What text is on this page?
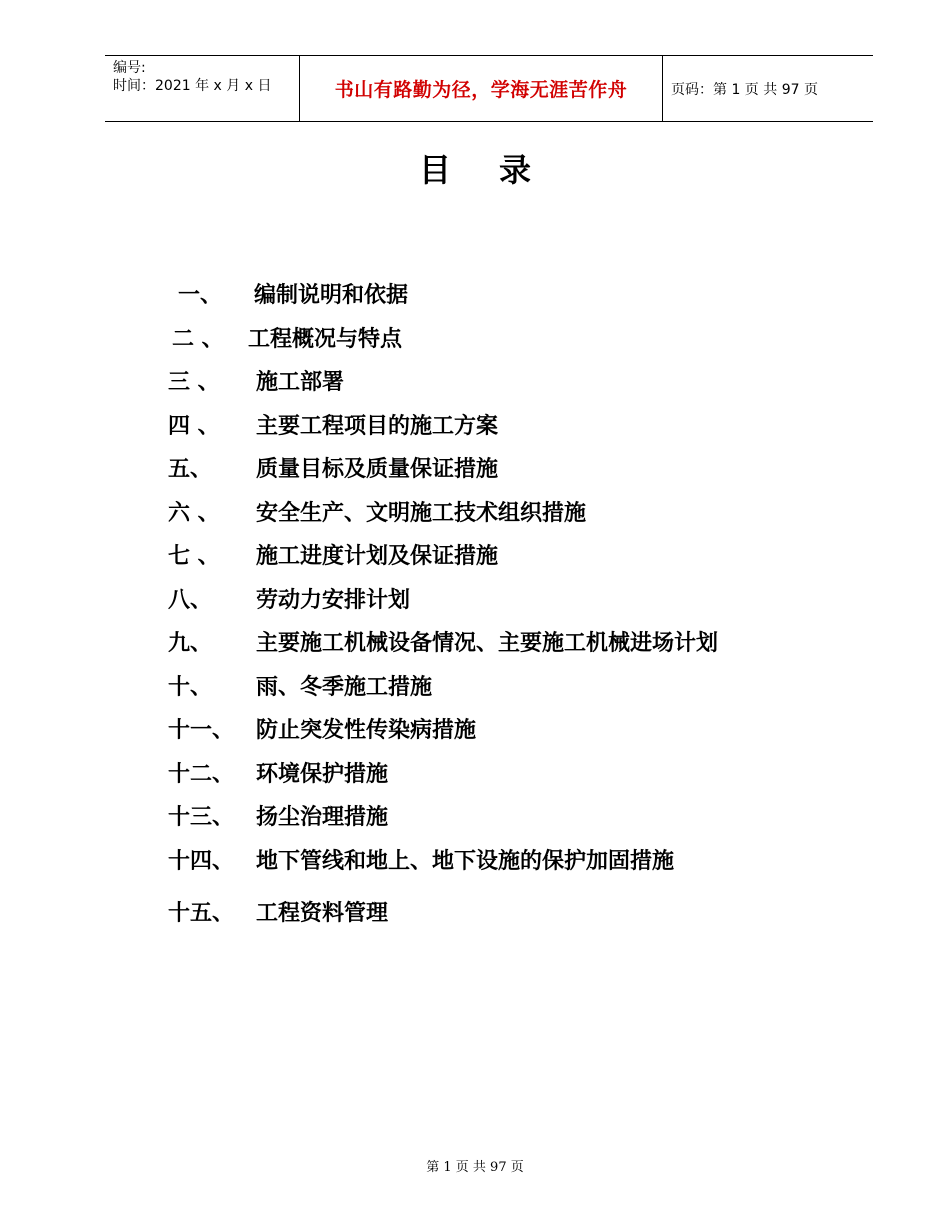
编号:
时间：2021 年 x 月 x 日	书山有路勤为径，学海无涯苦作舟	页码：第 1 页 共 97 页
目录
一、 编制说明和依据
二 、 工程概况与特点
三 、 施工部署
四 、 主要工程项目的施工方案
五、 质量目标及质量保证措施
六 、 安全生产、文明施工技术组织措施
七 、 施工进度计划及保证措施
八、 劳动力安排计划
九、 主要施工机械设备情况、主要施工机械进场计划
十、 雨、冬季施工措施
十一、 防止突发性传染病措施
十二、 环境保护措施
十三、 扬尘治理措施
十四、 地下管线和地上、地下设施的保护加固措施
十五、 工程资料管理
第 1 页 共 97 页
